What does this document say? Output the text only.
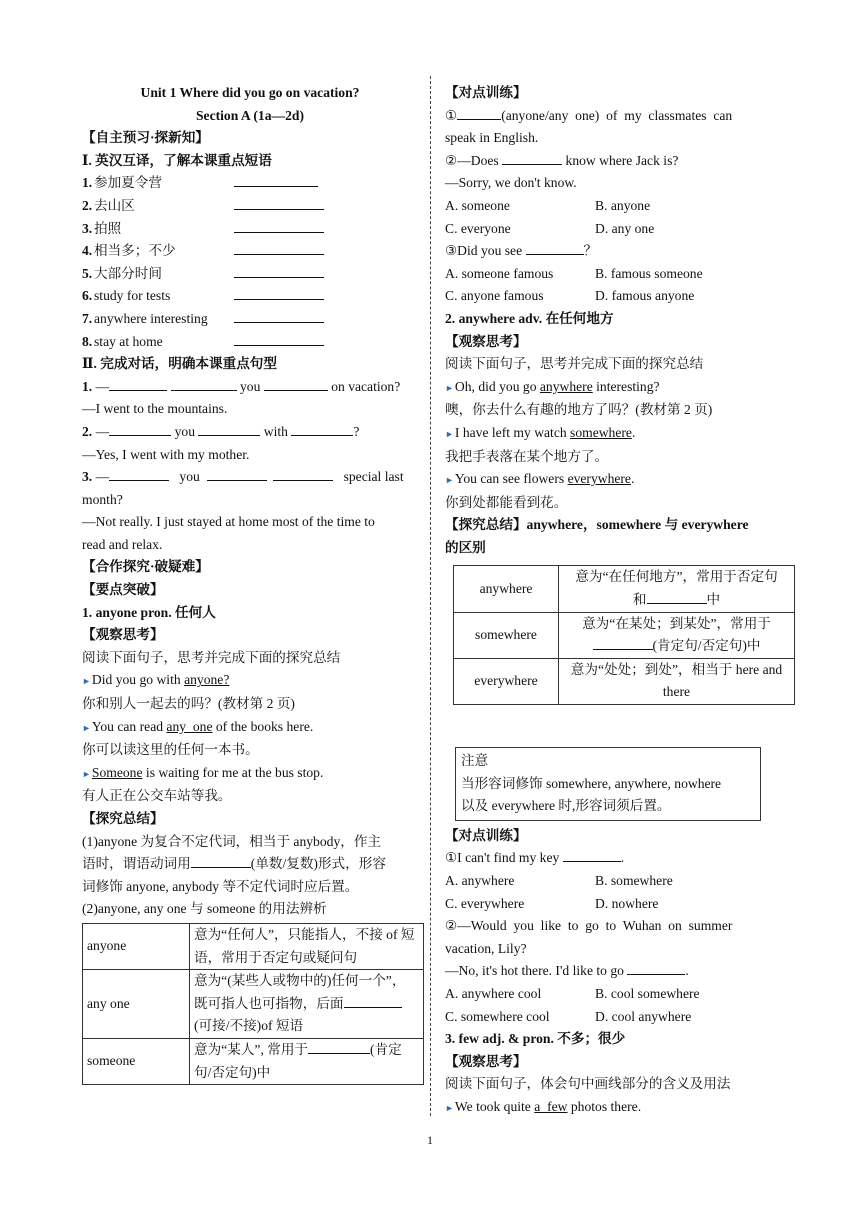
Unit 1 Where did you go on vacation?
Section A (1a—2d)
【自主预习·探新知】
Ⅰ. 英汉互译，了解本课重点短语
1. 参加夏令营
2. 去山区
3. 拍照
4. 相当多；不少
5. 大部分时间
6. study for tests
7. anywhere interesting
8. stay at home
Ⅱ. 完成对话，明确本课重点句型
1. —	you	on vacation?
—I went to the mountains.
2. —	you	with	?
—Yes, I went with my mother.
3. —	you	special last
month?
—Not really. I just stayed at home most of the time to
read and relax.
【合作探究·破疑难】
【要点突破】
1. anyone pron. 任何人
【观察思考】
阅读下面句子，思考并完成下面的探究总结
►Did you go with anyone?
你和别人一起去的吗？(教材第 2 页)
►You can read any  one of the books here.
你可以读这里的任何一本书。
►Someone is waiting for me at the bus stop.
有人正在公交车站等我。
【探究总结】
(1)anyone 为复合不定代词，相当于 anybody，作主
语时，谓语动词用	(单数/复数)形式，形容
词修饰 anyone, anybody 等不定代词时应后置。
(2)anyone, any one 与 someone 的用法辨析
anyone	意为“任何人”，只能指人，不接 of 短语，常用于否定句或疑问句
any one	意为“(某些人或物中的)任何一个”，既可指人也可指物，后面(可接/不接)of 短语
someone	意为“某人”, 常用于 (肯定句/否定句)中
【对点训练】
①	(anyone/any  one)  of  my  classmates  can
speak in English.
②—Does	know where Jack is?
—Sorry, we don't know.
A. someone	B. anyone
C. everyone	D. any one
③Did you see	？
A. someone famous	B. famous someone
C. anyone famous	D. famous anyone
2. anywhere adv. 在任何地方
【观察思考】
阅读下面句子，思考并完成下面的探究总结
►Oh, did you go anywhere interesting?
噢，你去什么有趣的地方了吗？(教材第 2 页)
►I have left my watch somewhere.
我把手表落在某个地方了。
►You can see flowers everywhere.
你到处都能看到花。
【探究总结】anywhere，somewhere 与 everywhere
的区别
anywhere	意为“在任何地方”，常用于否定句
和 中

somewhere	意为“在某处；到某处”，常用于
(肯定句/否定句)中

everywhere	意为“处处；到处”，相当于 here and
there
注意
当形容词修饰 somewhere, anywhere, nowhere
以及 everywhere 时,形容词须后置。
【对点训练】
①I can't find my key	.
A. anywhere	B. somewhere
C. everywhere	D. nowhere
②—Would  you  like  to  go  to  Wuhan  on  summer
vacation, Lily?
—No, it's hot there. I'd like to go	.
A. anywhere cool	B. cool somewhere
C. somewhere cool	D. cool anywhere
3. few adj. & pron. 不多；很少
【观察思考】
阅读下面句子，体会句中画线部分的含义及用法
►We took quite a  few photos there.
1
